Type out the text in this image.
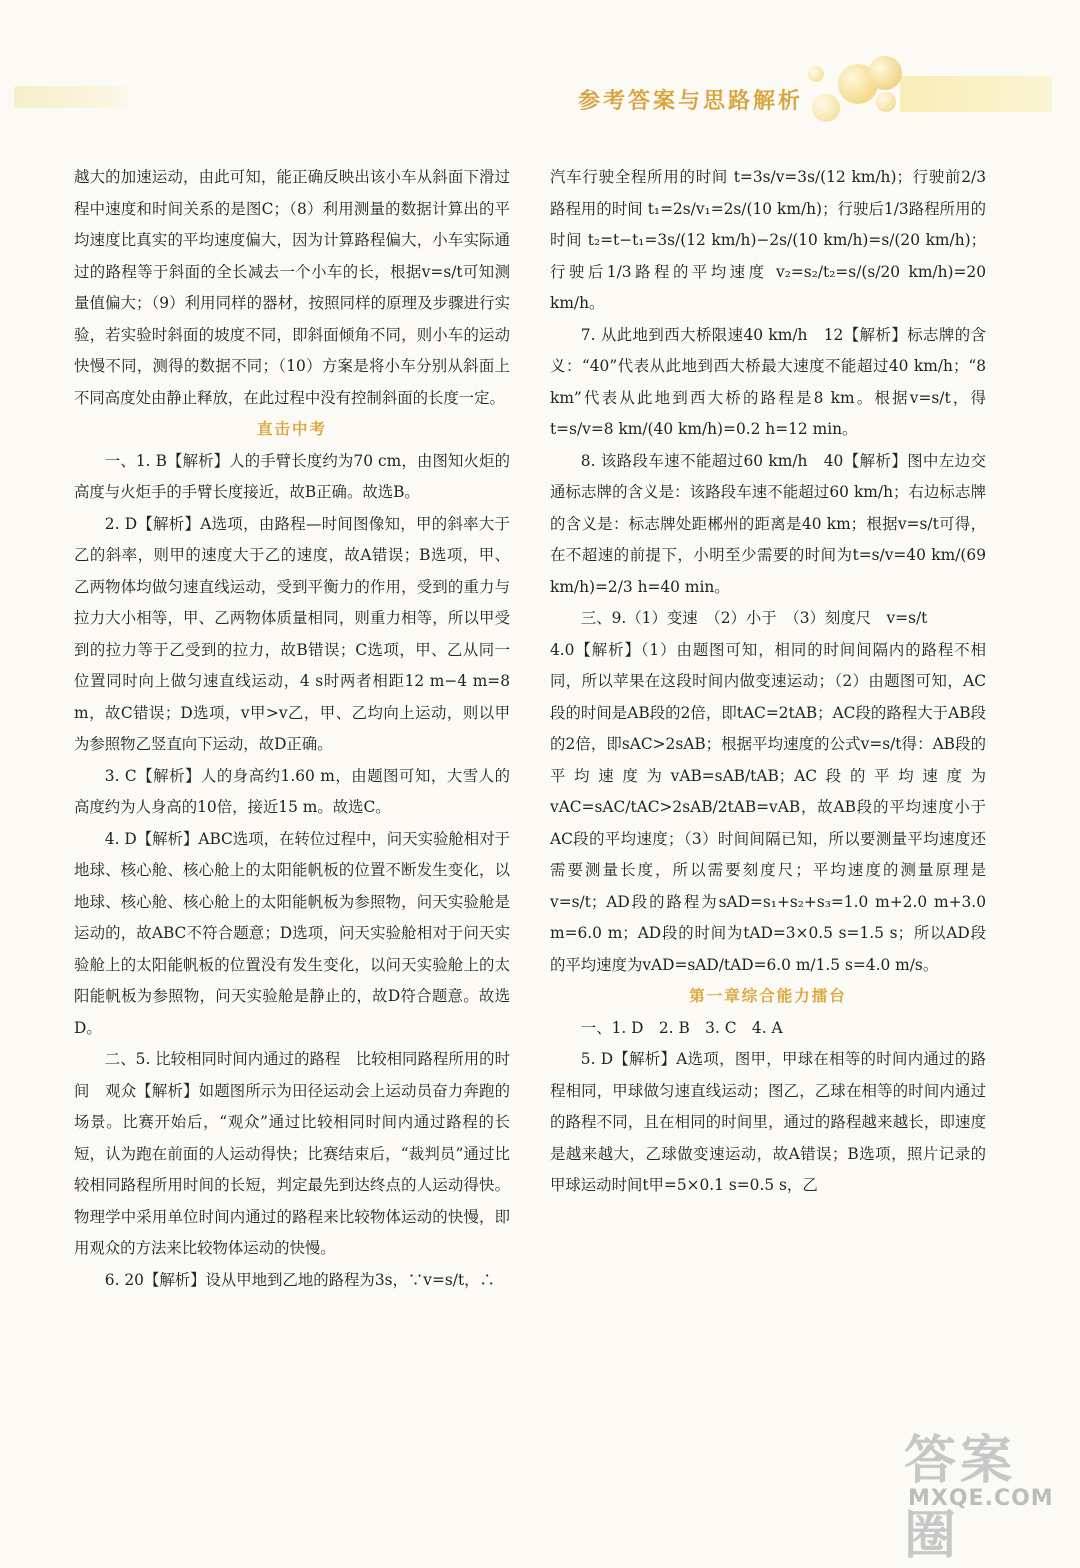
参考答案与思路解析

越大的加速运动，由此可知，能正确反映出该小车从斜面下滑过程中速度和时间关系的是图C；（8）利用测量的数据计算出的平均速度比真实的平均速度偏大，因为计算路程偏大，小车实际通过的路程等于斜面的全长减去一个小车的长，根据v=s/t可知测量值偏大；（9）利用同样的器材，按照同样的原理及步骤进行实验，若实验时斜面的坡度不同，即斜面倾角不同，则小车的运动快慢不同，测得的数据不同；（10）方案是将小车分别从斜面上不同高度处由静止释放，在此过程中没有控制斜面的长度一定。

直击中考

一、1. B【解析】人的手臂长度约为70 cm，由图知火炬的高度与火炬手的手臂长度接近，故B正确。故选B。

2. D【解析】A选项，由路程—时间图像知，甲的斜率大于乙的斜率，则甲的速度大于乙的速度，故A错误；B选项，甲、乙两物体均做匀速直线运动，受到平衡力的作用，受到的重力与拉力大小相等，甲、乙两物体质量相同，则重力相等，所以甲受到的拉力等于乙受到的拉力，故B错误；C选项，甲、乙从同一位置同时向上做匀速直线运动，4 s时两者相距12 m−4 m=8 m，故C错误；D选项，v甲>v乙，甲、乙均向上运动，则以甲为参照物乙竖直向下运动，故D正确。

3. C【解析】人的身高约1.60 m，由题图可知，大雪人的高度约为人身高的10倍，接近15 m。故选C。

4. D【解析】ABC选项，在转位过程中，问天实验舱相对于地球、核心舱、核心舱上的太阳能帆板的位置不断发生变化，以地球、核心舱、核心舱上的太阳能帆板为参照物，问天实验舱是运动的，故ABC不符合题意；D选项，问天实验舱相对于问天实验舱上的太阳能帆板的位置没有发生变化，以问天实验舱上的太阳能帆板为参照物，问天实验舱是静止的，故D符合题意。故选D。

二、5. 比较相同时间内通过的路程　比较相同路程所用的时间　观众【解析】如题图所示为田径运动会上运动员奋力奔跑的场景。比赛开始后，“观众”通过比较相同时间内通过路程的长短，认为跑在前面的人运动得快；比赛结束后，“裁判员”通过比较相同路程所用时间的长短，判定最先到达终点的人运动得快。物理学中采用单位时间内通过的路程来比较物体运动的快慢，即用观众的方法来比较物体运动的快慢。

6. 20【解析】设从甲地到乙地的路程为3s，∵v=s/t，∴

汽车行驶全程所用的时间 t=3s/v=3s/(12 km/h)；行驶前2/3路程用的时间 t₁=2s/v₁=2s/(10 km/h)；行驶后1/3路程所用的时间 t₂=t−t₁=3s/(12 km/h)−2s/(10 km/h)=s/(20 km/h)；行驶后1/3路程的平均速度 v₂=s₂/t₂=s/(s/20 km/h)=20 km/h。

7. 从此地到西大桥限速40 km/h　12【解析】标志牌的含义：“40”代表从此地到西大桥最大速度不能超过40 km/h；“8 km”代表从此地到西大桥的路程是8 km。根据v=s/t，得t=s/v=8 km/(40 km/h)=0.2 h=12 min。

8. 该路段车速不能超过60 km/h　40【解析】图中左边交通标志牌的含义是：该路段车速不能超过60 km/h；右边标志牌的含义是：标志牌处距郴州的距离是40 km；根据v=s/t可得，在不超速的前提下，小明至少需要的时间为t=s/v=40 km/(69 km/h)=2/3 h=40 min。

三、9.（1）变速　（2）小于　（3）刻度尺　v=s/t

4.0【解析】（1）由题图可知，相同的时间间隔内的路程不相同，所以苹果在这段时间内做变速运动；（2）由题图可知，AC段的时间是AB段的2倍，即tAC=2tAB；AC段的路程大于AB段的2倍，即sAC>2sAB；根据平均速度的公式v=s/t得：AB段的平均速度为vAB=sAB/tAB；AC段的平均速度为vAC=sAC/tAC>2sAB/2tAB=vAB，故AB段的平均速度小于AC段的平均速度；（3）时间间隔已知，所以要测量平均速度还需要测量长度，所以需要刻度尺；平均速度的测量原理是v=s/t；AD段的路程为sAD=s₁+s₂+s₃=1.0 m+2.0 m+3.0 m=6.0 m；AD段的时间为tAD=3×0.5 s=1.5 s；所以AD段的平均速度为vAD=sAD/tAD=6.0 m/1.5 s=4.0 m/s。

第一章综合能力擂台

一、1. D　2. B　3. C　4. A

5. D【解析】A选项，图甲，甲球在相等的时间内通过的路程相同，甲球做匀速直线运动；图乙，乙球在相等的时间内通过的路程不同，且在相同的时间里，通过的路程越来越长，即速度是越来越大，乙球做变速运动，故A错误；B选项，照片记录的甲球运动时间t甲=5×0.1 s=0.5 s，乙

答案圈
MXQE.COM
